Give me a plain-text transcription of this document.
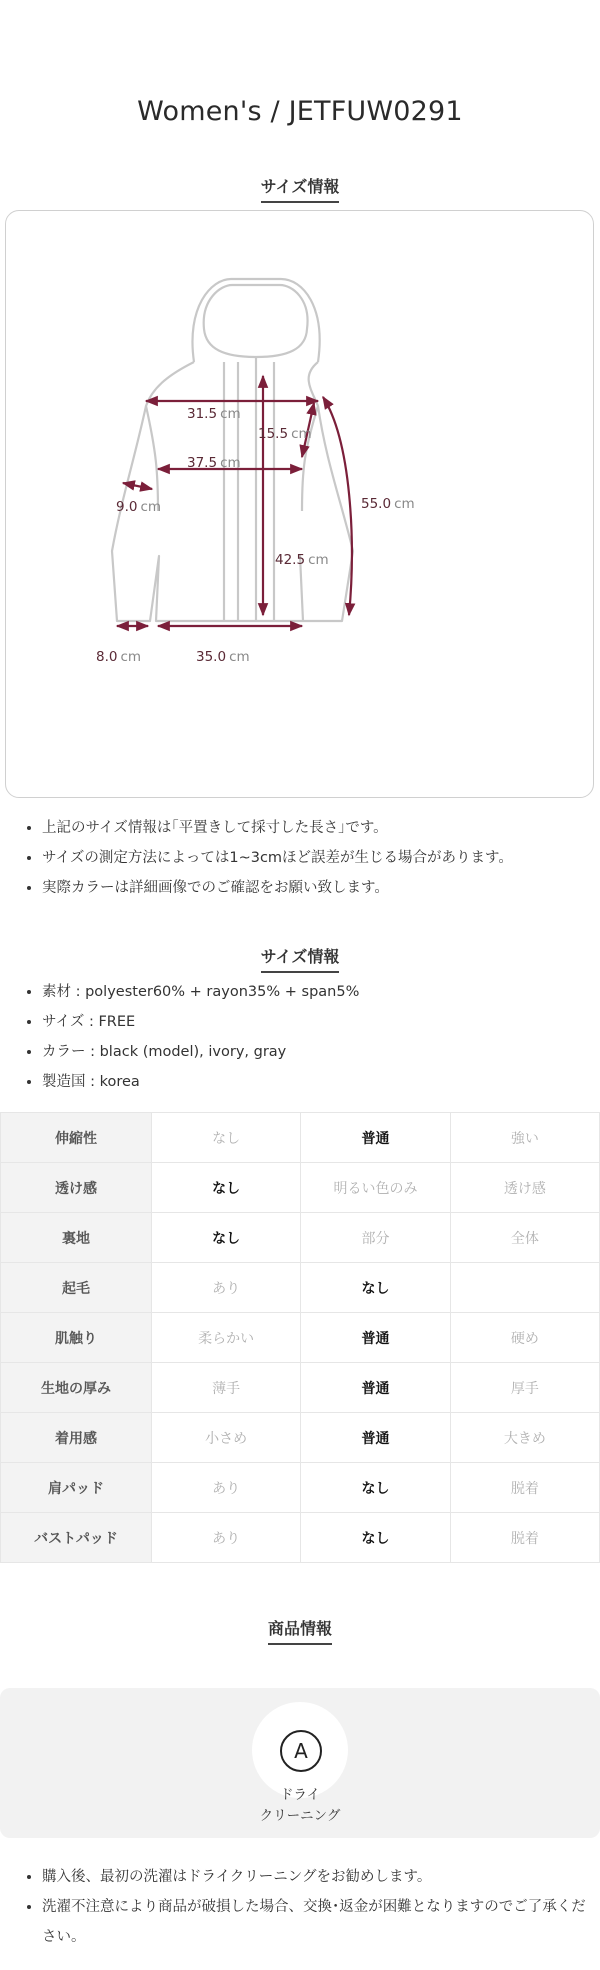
Women's / JETFUW0291
サイズ情報
31.5 cm
37.5 cm
15.5 cm
9.0 cm	55.0 cm
42.5 cm
8.0 cm	35.0 cm
• 上記のサイズ情報は｢平置きして採寸した長さ｣です。
• サイズの測定方法によっては1~3cmほど誤差が生じる場合があります。
• 実際カラーは詳細画像でのご確認をお願い致します。
サイズ情報
• 素材 : polyester60% + rayon35% + span5%
• サイズ : FREE
• カラー : black (model), ivory, gray
• 製造国 : korea
伸縮性	なし	普通	強い
透け感	なし	明るい色のみ	透け感
裏地	なし	部分	全体
起毛	あり	なし	
肌触り	柔らかい	普通	硬め
生地の厚み	薄手	普通	厚手
着用感	小さめ	普通	大きめ
肩パッド	あり	なし	脱着
バストパッド	あり	なし	脱着
商品情報
A
ドライ
クリーニング
• 購入後、最初の洗濯はドライクリーニングをお勧めします。
• 洗濯不注意により商品が破損した場合、交換･返金が困難となりますのでご了承ください。
